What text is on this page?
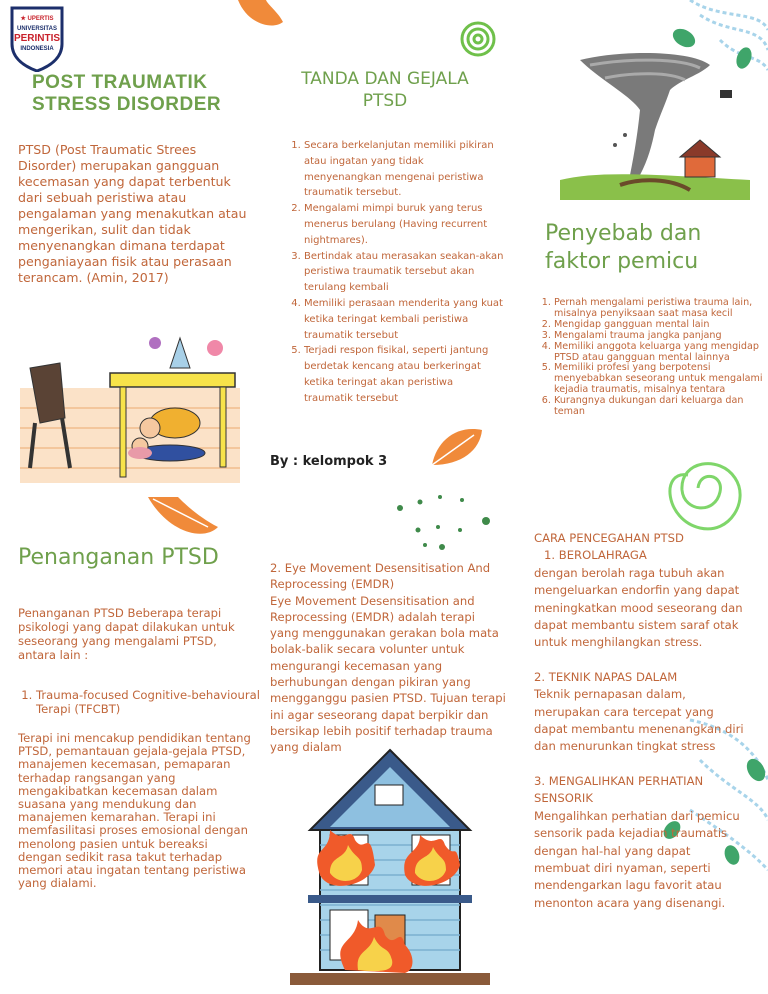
★ UPERTIS
UNIVERSITAS
PERINTIS
INDONESIA
POST TRAUMATIK STRESS DISORDER
PTSD (Post Traumatic Strees Disorder) merupakan gangguan kecemasan yang dapat terbentuk dari sebuah peristiwa atau pengalaman yang menakutkan atau mengerikan, sulit dan tidak menyenangkan dimana terdapat penganiayaan fisik atau perasaan terancam. (Amin, 2017)
Penanganan PTSD
Penanganan PTSD Beberapa terapi psikologi yang dapat dilakukan untuk seseorang yang mengalami PTSD, antara lain :
1. Trauma-focused Cognitive-behavioural Terapi (TFCBT)
Terapi ini mencakup pendidikan tentang PTSD, pemantauan gejala-gejala PTSD, manajemen kecemasan, pemaparan terhadap rangsangan yang mengakibatkan kecemasan dalam suasana yang mendukung dan manajemen kemarahan. Terapi ini memfasilitasi proses emosional dengan menolong pasien untuk bereaksi dengan sedikit rasa takut terhadap memori atau ingatan tentang peristiwa yang dialami.
TANDA DAN GEJALA PTSD
1. Secara berkelanjutan memiliki pikiran atau ingatan yang tidak menyenangkan mengenai peristiwa traumatik tersebut.
2. Mengalami mimpi buruk yang terus menerus berulang (Having recurrent nightmares).
3. Bertindak atau merasakan seakan-akan peristiwa traumatik tersebut akan terulang kembali
4. Memiliki perasaan menderita yang kuat ketika teringat kembali peristiwa traumatik tersebut
5. Terjadi respon fisikal, seperti jantung berdetak kencang atau berkeringat ketika teringat akan peristiwa traumatik tersebut
By : kelompok 3
2. Eye Movement Desensitisation And Reprocessing (EMDR)
Eye Movement Desensitisation and Reprocessing (EMDR) adalah terapi yang menggunakan gerakan bola mata bolak-balik secara volunter untuk mengurangi kecemasan yang berhubungan dengan pikiran yang mengganggu pasien PTSD. Tujuan terapi ini agar seseorang dapat berpikir dan bersikap lebih positif terhadap trauma yang dialam
Penyebab dan faktor pemicu
1. Pernah mengalami peristiwa trauma lain, misalnya penyiksaan saat masa kecil
2. Mengidap gangguan mental lain
3. Mengalami trauma jangka panjang
4. Memiliki anggota keluarga yang mengidap PTSD atau gangguan mental lainnya
5. Memiliki profesi yang berpotensi menyebabkan seseorang untuk mengalami kejadia traumatis, misalnya tentara
6. Kurangnya dukungan dari keluarga dan teman

CARA PENCEGAHAN PTSD

1. BEROLAHRAGA

dengan berolah raga tubuh akan mengeluarkan endorfin yang dapat meningkatkan mood seseorang dan dapat membantu sistem saraf otak untuk menghilangkan stress.

2. TEKNIK NAPAS DALAM

Teknik pernapasan dalam, merupakan cara tercepat yang dapat membantu menenangkan diri dan menurunkan tingkat stress

3. MENGALIHKAN PERHATIAN SENSORIK

Mengalihkan perhatian dari pemicu sensorik pada kejadian traumatis dengan hal-hal yang dapat membuat diri nyaman, seperti mendengarkan lagu favorit atau menonton acara yang disenangi.
